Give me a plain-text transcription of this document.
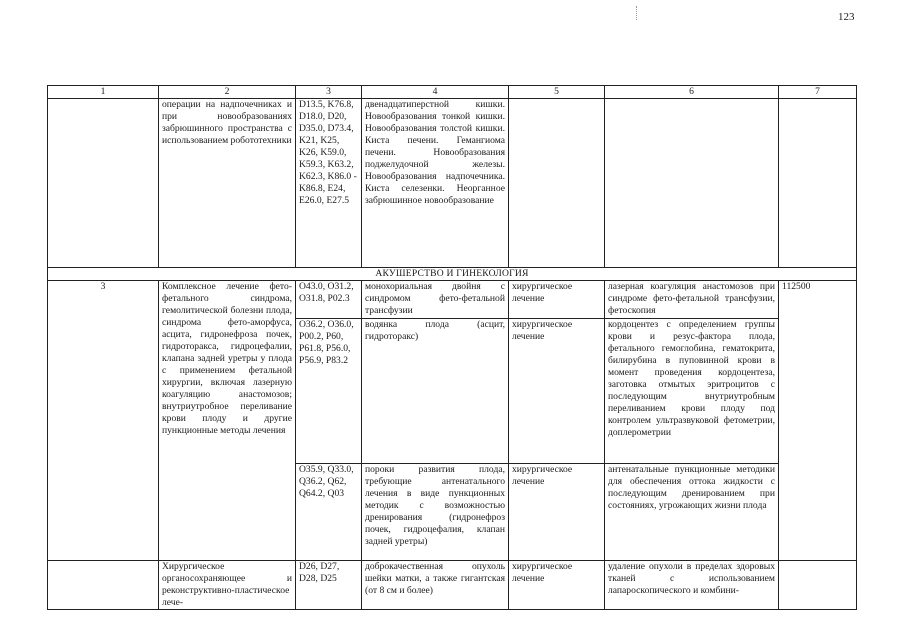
123
1	2	3	4	5	6	7
	операции на надпочечниках и при новообразованиях забрюшинного пространства с использованием робототехники	D13.5, K76.8, D18.0, D20, D35.0, D73.4, K21, K25, K26, K59.0, K59.3, K63.2, K62.3, K86.0 - K86.8, E24, E26.0, E27.5	двенадцатиперстной кишки. Новообразования тонкой кишки. Новообразования толстой кишки. Киста печени. Гемангиома печени. Новообразования поджелудочной железы. Новообразования надпочечника. Киста селезенки. Неорганное забрюшинное новообразование			
АКУШЕРСТВО И ГИНЕКОЛОГИЯ						
3	Комплексное лечение фето-фетального синдрома, гемолитической болезни плода, синдрома фето-аморфуса, асцита, гидронефроза почек, гидроторакса, гидроцефалии, клапана задней уретры у плода с применением фетальной хирургии, включая лазерную коагуляцию анастомозов; внутриутробное переливание крови плоду и другие пункционные методы лечения	O43.0, O31.2, O31.8, P02.3	монохориальная двойня с синдромом фето-фетальной трансфузии	хирургическое лечение	лазерная коагуляция анастомозов при синдроме фето-фетальной трансфузии, фетоскопия	112500
		O36.2, O36.0, P00.2, P60, P61.8, P56.0, P56.9, P83.2	водянка плода (асцит, гидроторакс)	хирургическое лечение	кордоцентез с определением группы крови и резус-фактора плода, фетального гемоглобина, гематокрита, билирубина в пуповинной крови в момент проведения кордоцентеза, заготовка отмытых эритроцитов с последующим внутриутробным переливанием крови плоду под контролем ультразвуковой фетометрии, доплерометрии	
		O35.9, Q33.0, Q36.2, Q62, Q64.2, Q03	пороки развития плода, требующие антенатального лечения в виде пункционных методик с возможностью дренирования (гидронефроз почек, гидроцефалия, клапан задней уретры)	хирургическое лечение	антенатальные пункционные методики для обеспечения оттока жидкости с последующим дренированием при состояниях, угрожающих жизни плода	
	Хирургическое органосохраняющее и реконструктивно-пластическое лече-	D26, D27, D28, D25	доброкачественная опухоль шейки матки, а также гигантская (от 8 см и более)	хирургическое лечение	удаление опухоли в пределах здоровых тканей с использованием лапароскопического и комбини-	
